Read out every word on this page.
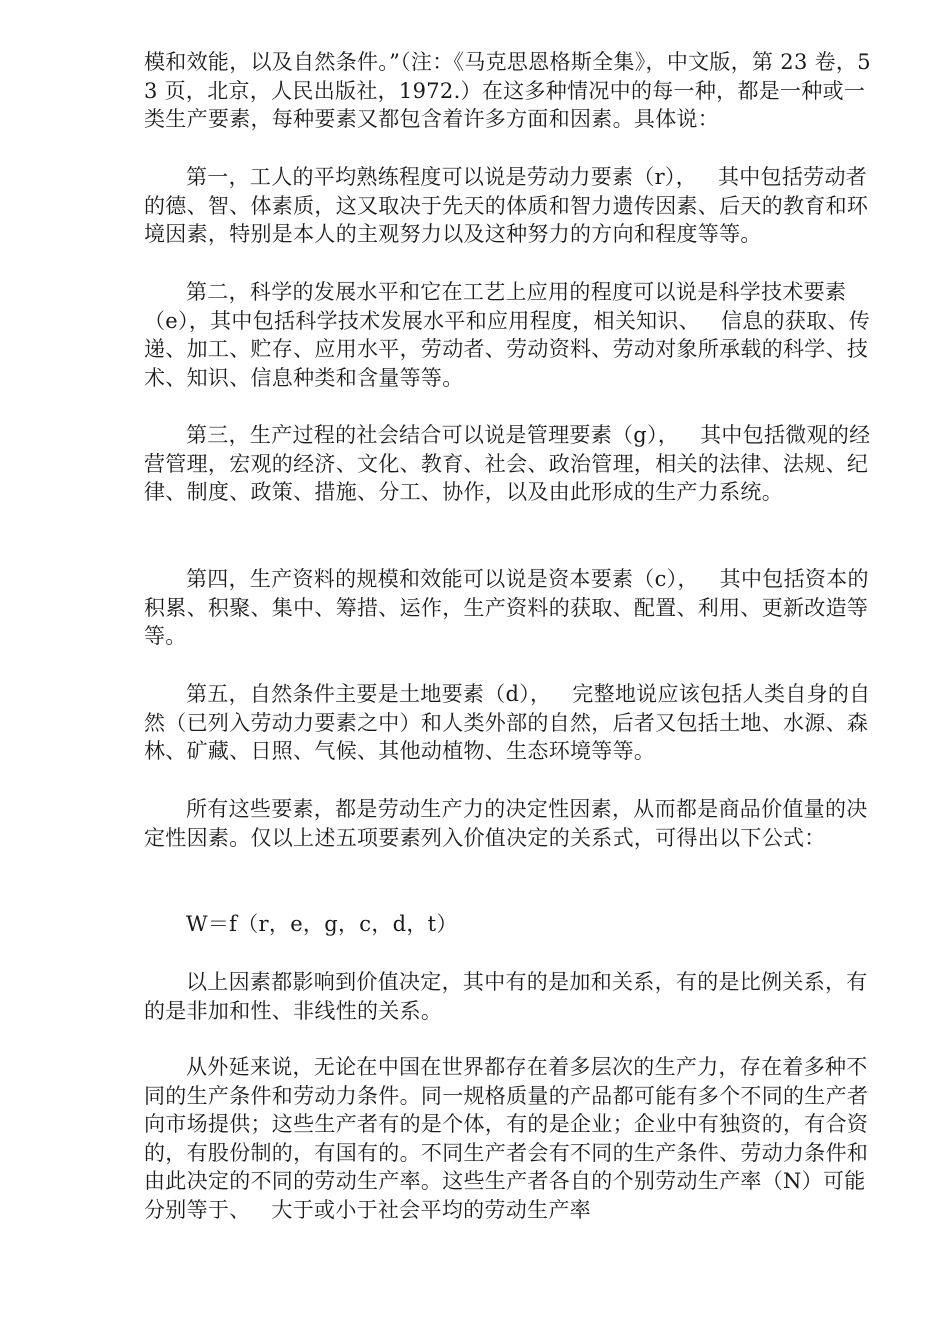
模和效能，以及自然条件。”（注：《马克思恩格斯全集》，中文版，第 23 卷，53 页，北京，人民出版社，1972.）在这多种情况中的每一种，都是一种或一类生产要素，每种要素又都包含着许多方面和因素。具体说：

第一，工人的平均熟练程度可以说是劳动力要素（r），   其中包括劳动者的德、智、体素质，这又取决于先天的体质和智力遗传因素、后天的教育和环境因素，特别是本人的主观努力以及这种努力的方向和程度等等。

第二，科学的发展水平和它在工艺上应用的程度可以说是科学技术要素（e），其中包括科学技术发展水平和应用程度，相关知识、   信息的获取、传递、加工、贮存、应用水平，劳动者、劳动资料、劳动对象所承载的科学、技术、知识、信息种类和含量等等。

第三，生产过程的社会结合可以说是管理要素（g），   其中包括微观的经营管理，宏观的经济、文化、教育、社会、政治管理，相关的法律、法规、纪律、制度、政策、措施、分工、协作，以及由此形成的生产力系统。

第四，生产资料的规模和效能可以说是资本要素（c），   其中包括资本的积累、积聚、集中、筹措、运作，生产资料的获取、配置、利用、更新改造等等。

第五，自然条件主要是土地要素（d），   完整地说应该包括人类自身的自然（已列入劳动力要素之中）和人类外部的自然，后者又包括土地、水源、森林、矿藏、日照、气候、其他动植物、生态环境等等。

所有这些要素，都是劳动生产力的决定性因素，从而都是商品价值量的决定性因素。仅以上述五项要素列入价值决定的关系式，可得出以下公式：

W＝f（r，e，g，c，d，t）

以上因素都影响到价值决定，其中有的是加和关系，有的是比例关系，有的是非加和性、非线性的关系。

从外延来说，无论在中国在世界都存在着多层次的生产力，存在着多种不同的生产条件和劳动力条件。同一规格质量的产品都可能有多个不同的生产者向市场提供；这些生产者有的是个体，有的是企业；企业中有独资的，有合资的，有股份制的，有国有的。不同生产者会有不同的生产条件、劳动力条件和由此决定的不同的劳动生产率。这些生产者各自的个别劳动生产率（N）可能分别等于、   大于或小于社会平均的劳动生产率
